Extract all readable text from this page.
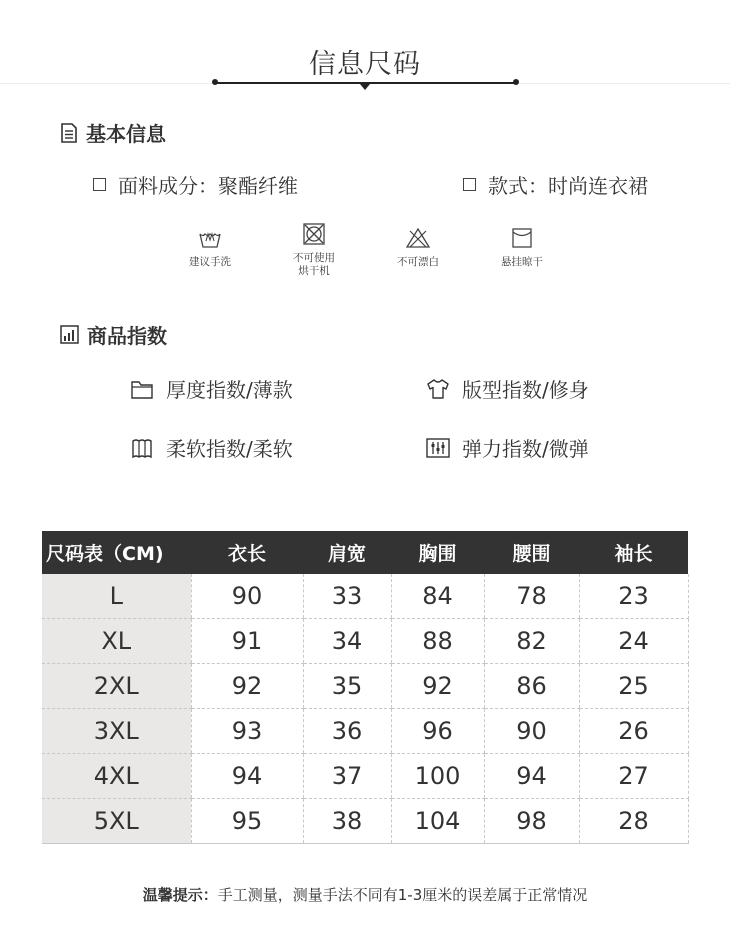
信息尺码
基本信息
面料成分：聚酯纤维	款式：时尚连衣裙
建议手洗	不可使用
烘干机
不可漂白	悬挂晾干
商品指数
厚度指数/薄款	版型指数/修身
柔软指数/柔软	弹力指数/微弹
尺码表（CM)	衣长	肩宽	胸围	腰围	袖长
L	90	33	84	78	23
XL	91	34	88	82	24
2XL	92	35	92	86	25
3XL	93	36	96	90	26
4XL	94	37	100	94	27
5XL	95	38	104	98	28
温馨提示：手工测量，测量手法不同有1-3厘米的误差属于正常情况
